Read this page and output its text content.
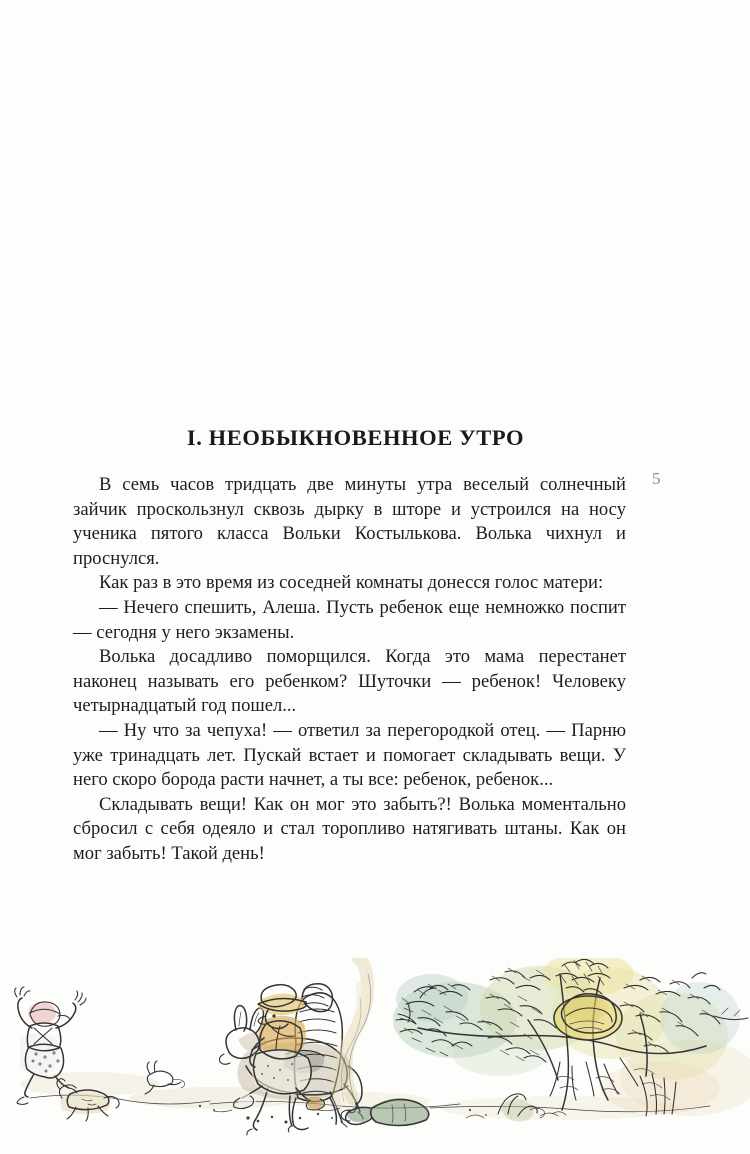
I. НЕОБЫКНОВЕННОЕ УТРО

В семь часов тридцать две минуты утра веселый солнечный зайчик проскользнул сквозь дырку в шторе и устроился на носу ученика пятого класса Вольки Костылькова. Волька чихнул и проснулся.

Как раз в это время из соседней комнаты донесся голос матери:

— Нечего спешить, Алеша. Пусть ребенок еще немножко поспит — сегодня у него экзамены.

Волька досадливо поморщился. Когда это мама перестанет наконец называть его ребенком? Шуточки — ребенок! Человеку четырнадцатый год пошел...

— Ну что за чепуха! — ответил за перегородкой отец. — Парню уже тринадцать лет. Пускай встает и помогает складывать вещи. У него скоро борода расти начнет, а ты все: ребенок, ребенок...

Складывать вещи! Как он мог это забыть?! Волька моментально сбросил с себя одеяло и стал торопливо натягивать штаны. Как он мог забыть! Такой день!

5
